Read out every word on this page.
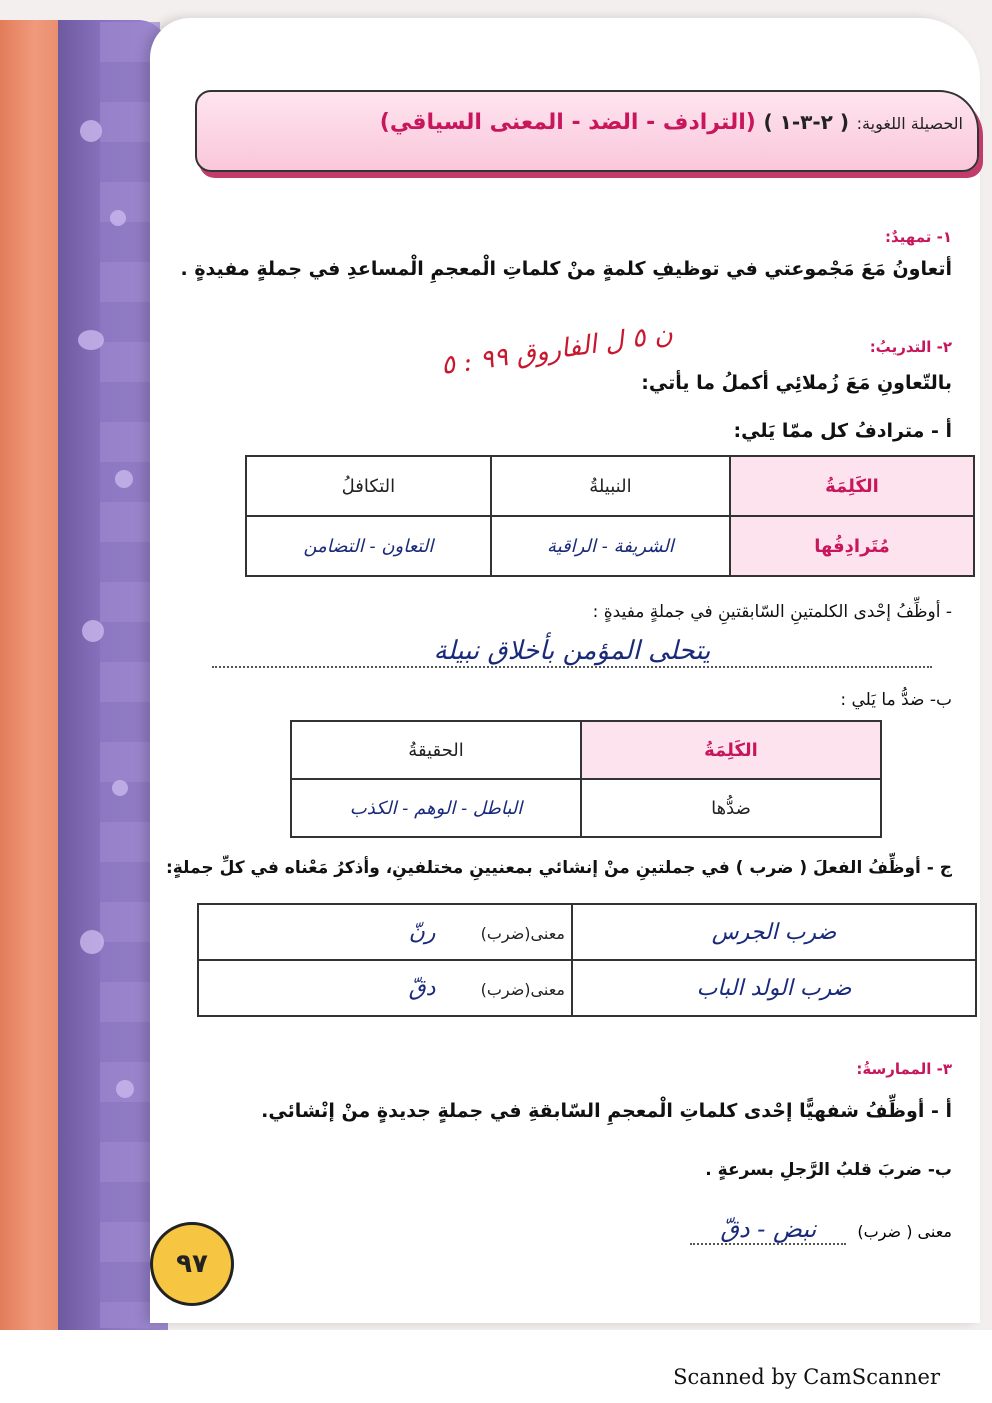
الحصيلة اللغوية: ( ٢-٣-١ ) (الترادف - الضد - المعنى السياقي)
١- تمهيدٌ:
أتعاونُ مَعَ مَجْموعتي في توظيفِ كلمةٍ منْ كلماتِ الْمعجمِ الْمساعدِ في جملةٍ مفيدةٍ .
٢- التدريبُ:
ن ٥ ل الفاروق ٩٩ : ٥
بالتّعاونِ مَعَ زُملائِي أكملُ ما يأتي:
أ - مترادفُ كل ممّا يَلي:
الكَلِمَةُ	النبيلةُ	التكافلُ
مُتَرادِفُها	الشريفة - الراقية	التعاون - التضامن
- أوظِّفُ إحْدى الكلمتينِ السّابقتينِ في جملةٍ مفيدةٍ :
يتحلى المؤمن بأخلاق نبيلة
ب- ضدُّ ما يَلي :
الكَلِمَةُ	الحقيقةُ
ضدُّها	الباطل - الوهم - الكذب
ج - أوظِّفُ الفعلَ ( ضرب ) في جملتينِ منْ إنشائي بمعنيينِ مختلفينِ، وأذكرُ مَعْناه في كلِّ جملةٍ:
ضرب الجرس	معنى(ضرب) رنّ
ضرب الولد الباب	معنى(ضرب) دقّ
٣- الممارسةُ:
أ - أوظِّفُ شفهيًّا إحْدى كلماتِ الْمعجمِ السّابقةِ في جملةٍ جديدةٍ منْ إنْشائي.
ب- ضربَ قلبُ الرَّجلِ بسرعةٍ .
معنى ( ضرب) نبض - دقّ
٩٧
Scanned by CamScanner
